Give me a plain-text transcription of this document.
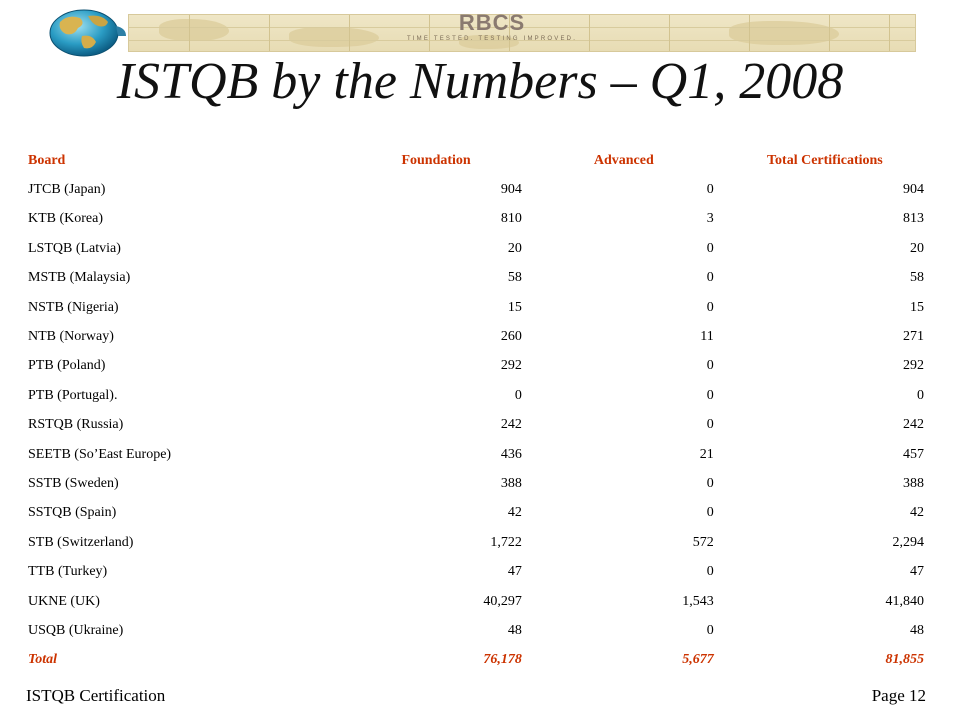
RBCS
TIME TESTED. TESTING IMPROVED.
ISTQB by the Numbers – Q1, 2008
Board	Foundation	Advanced	Total Certifications
JTCB (Japan)	904	0	904
KTB (Korea)	810	3	813
LSTQB (Latvia)	20	0	20
MSTB (Malaysia)	58	0	58
NSTB (Nigeria)	15	0	15
NTB (Norway)	260	11	271
PTB (Poland)	292	0	292
PTB (Portugal).	0	0	0
RSTQB (Russia)	242	0	242
SEETB (So’East Europe)	436	21	457
SSTB (Sweden)	388	0	388
SSTQB (Spain)	42	0	42
STB (Switzerland)	1,722	572	2,294
TTB (Turkey)	47	0	47
UKNE (UK)	40,297	1,543	41,840
USQB (Ukraine)	48	0	48
Total	76,178	5,677	81,855
ISTQB Certification	Page 12
